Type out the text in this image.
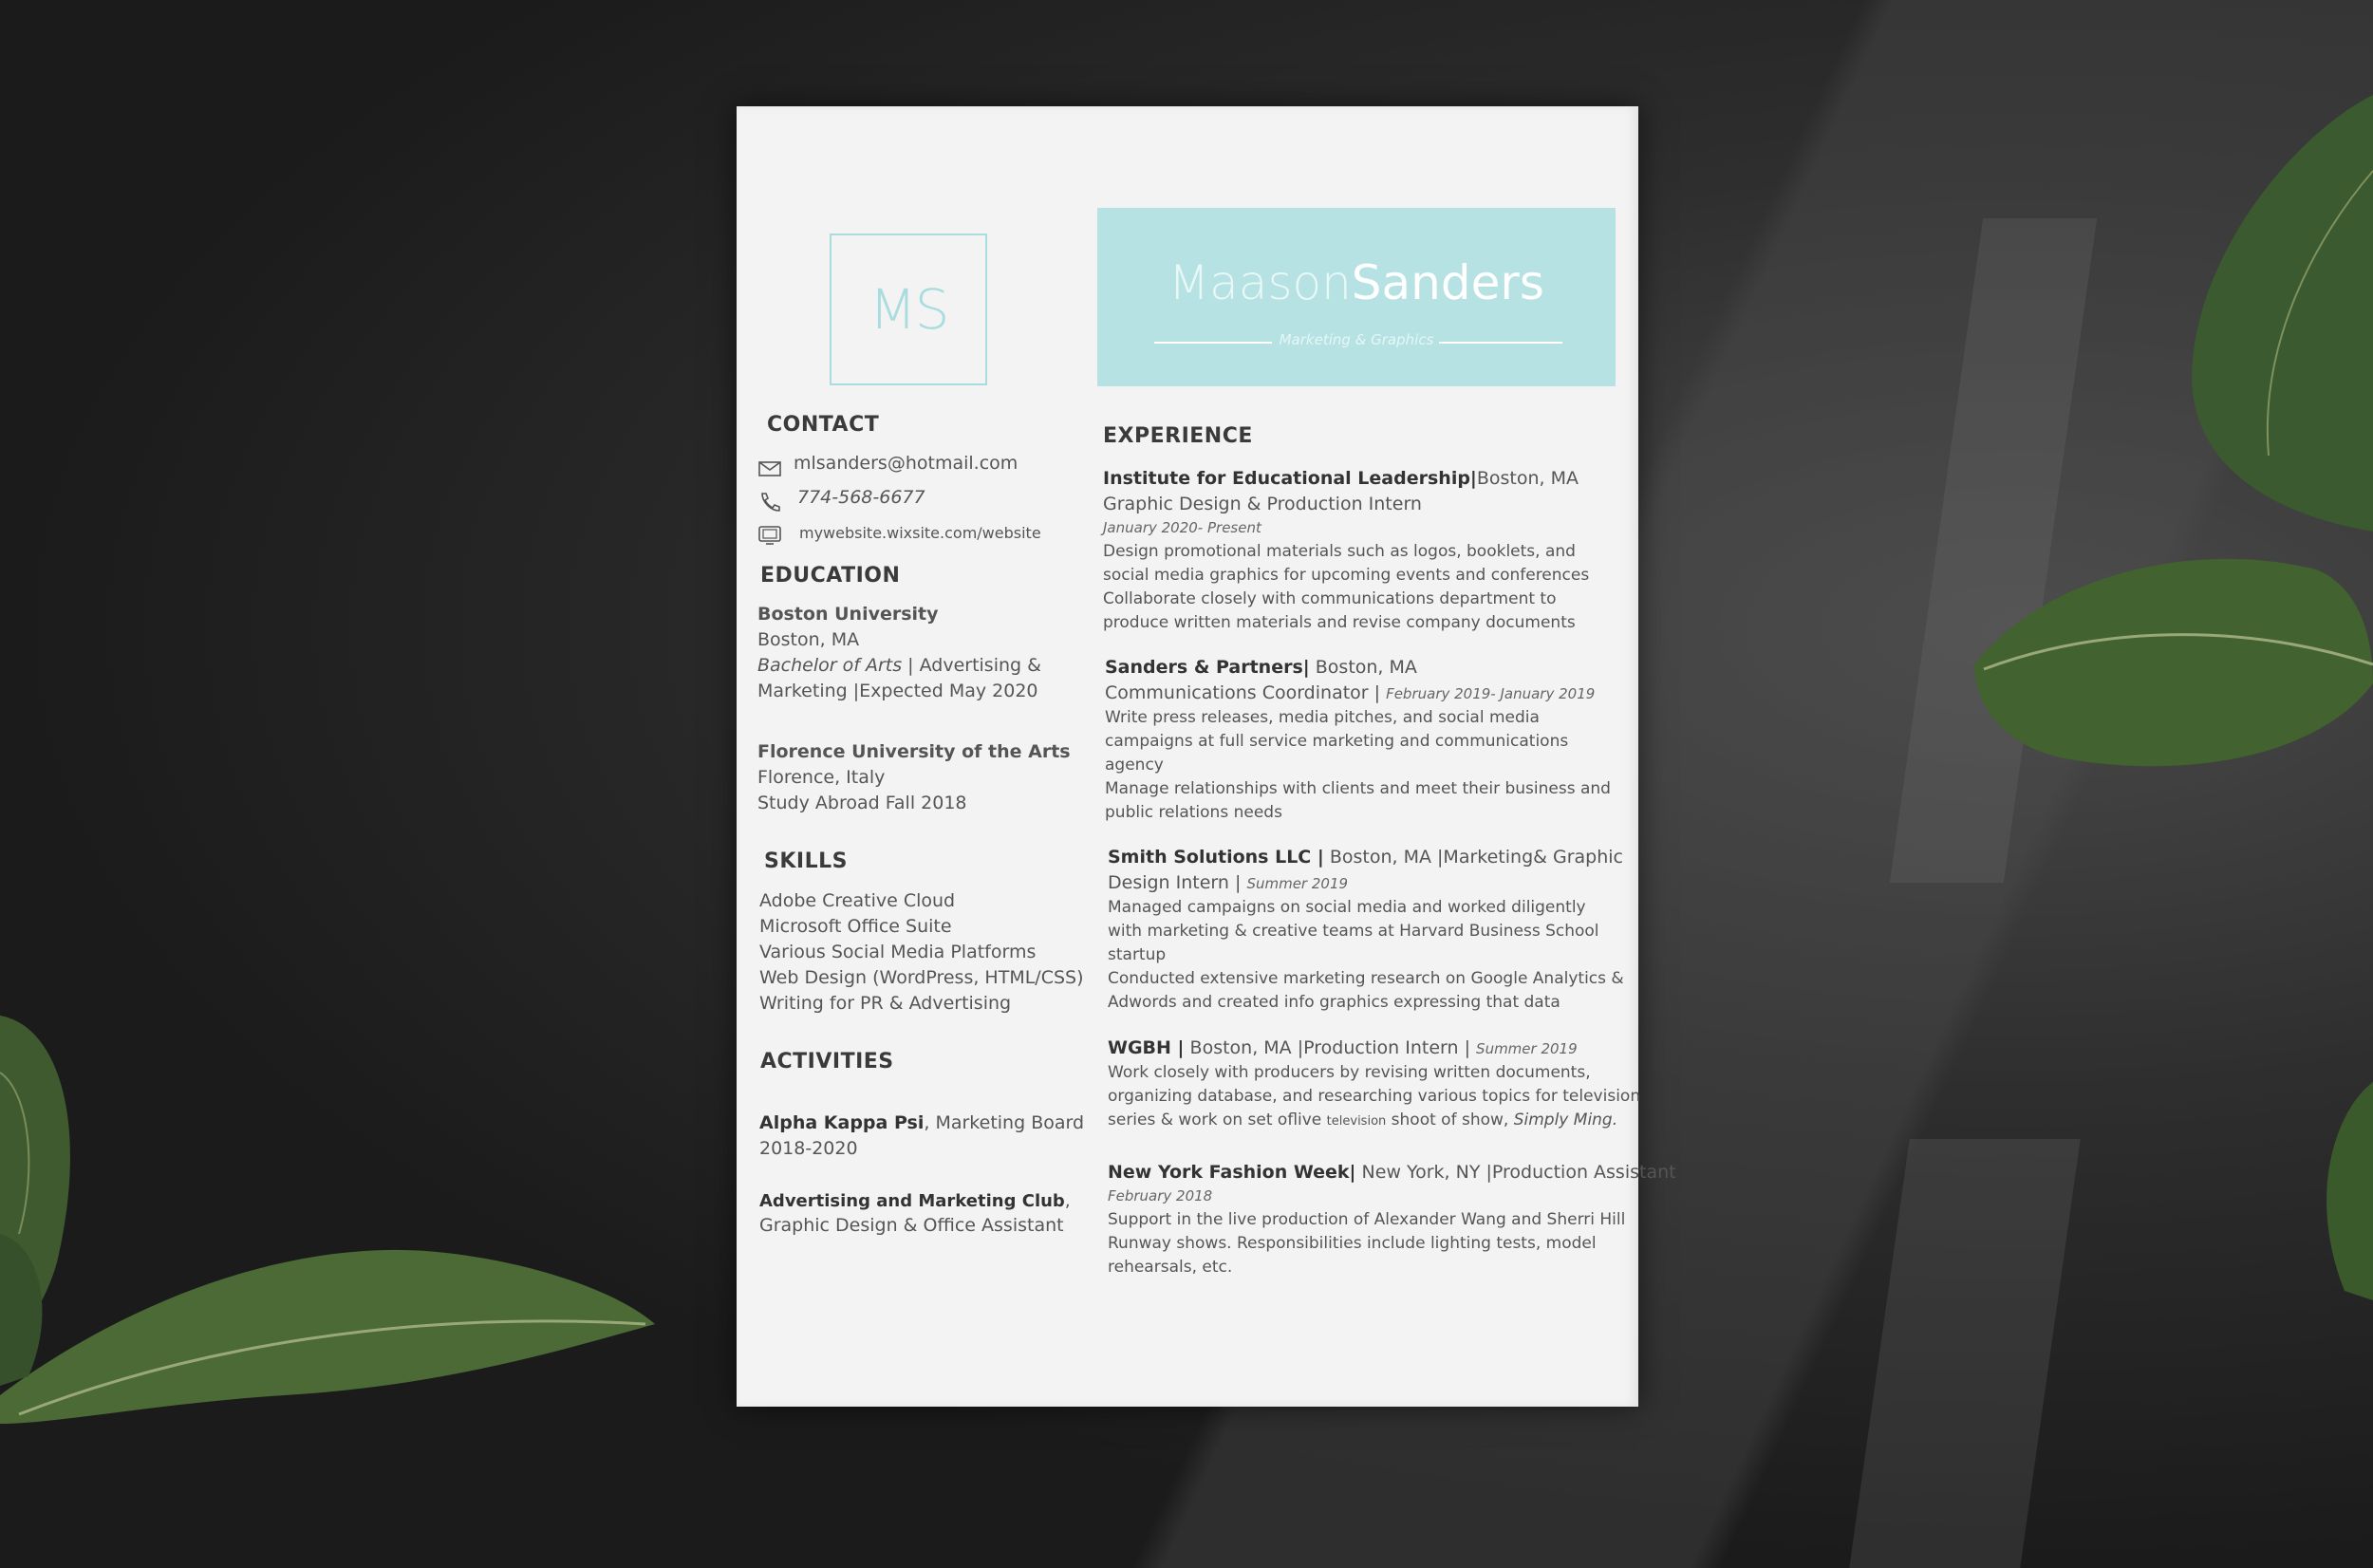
MS	MaasonSanders
Marketing & Graphics
CONTACT
mlsanders@hotmail.com
774-568-6677
mywebsite.wixsite.com/website
EDUCATION
Boston University
Boston, MA
Bachelor of Arts | Advertising &
Marketing |Expected May 2020
Florence University of the Arts
Florence, Italy
Study Abroad Fall 2018
SKILLS
Adobe Creative Cloud
Microsoft Office Suite
Various Social Media Platforms
Web Design (WordPress, HTML/CSS)
Writing for PR & Advertising
ACTIVITIES
Alpha Kappa Psi, Marketing Board
2018-2020
Advertising and Marketing Club,
Graphic Design & Office Assistant
EXPERIENCE
Institute for Educational Leadership|Boston, MA
Graphic Design & Production Intern
January 2020- Present
Design promotional materials such as logos, booklets, and
social media graphics for upcoming events and conferences
Collaborate closely with communications department to
produce written materials and revise company documents
Sanders & Partners| Boston, MA
Communications Coordinator | February 2019- January 2019
Write press releases, media pitches, and social media
campaigns at full service marketing and communications
agency
Manage relationships with clients and meet their business and
public relations needs
Smith Solutions LLC | Boston, MA |Marketing& Graphic
Design Intern | Summer 2019
Managed campaigns on social media and worked diligently
with marketing & creative teams at Harvard Business School
startup
Conducted extensive marketing research on Google Analytics &
Adwords and created info graphics expressing that data
WGBH | Boston, MA |Production Intern | Summer 2019
Work closely with producers by revising written documents,
organizing database, and researching various topics for television
series & work on set oflive television shoot of show, Simply Ming.
New York Fashion Week| New York, NY |Production Assistant
February 2018
Support in the live production of Alexander Wang and Sherri Hill
Runway shows. Responsibilities include lighting tests, model
rehearsals, etc.
